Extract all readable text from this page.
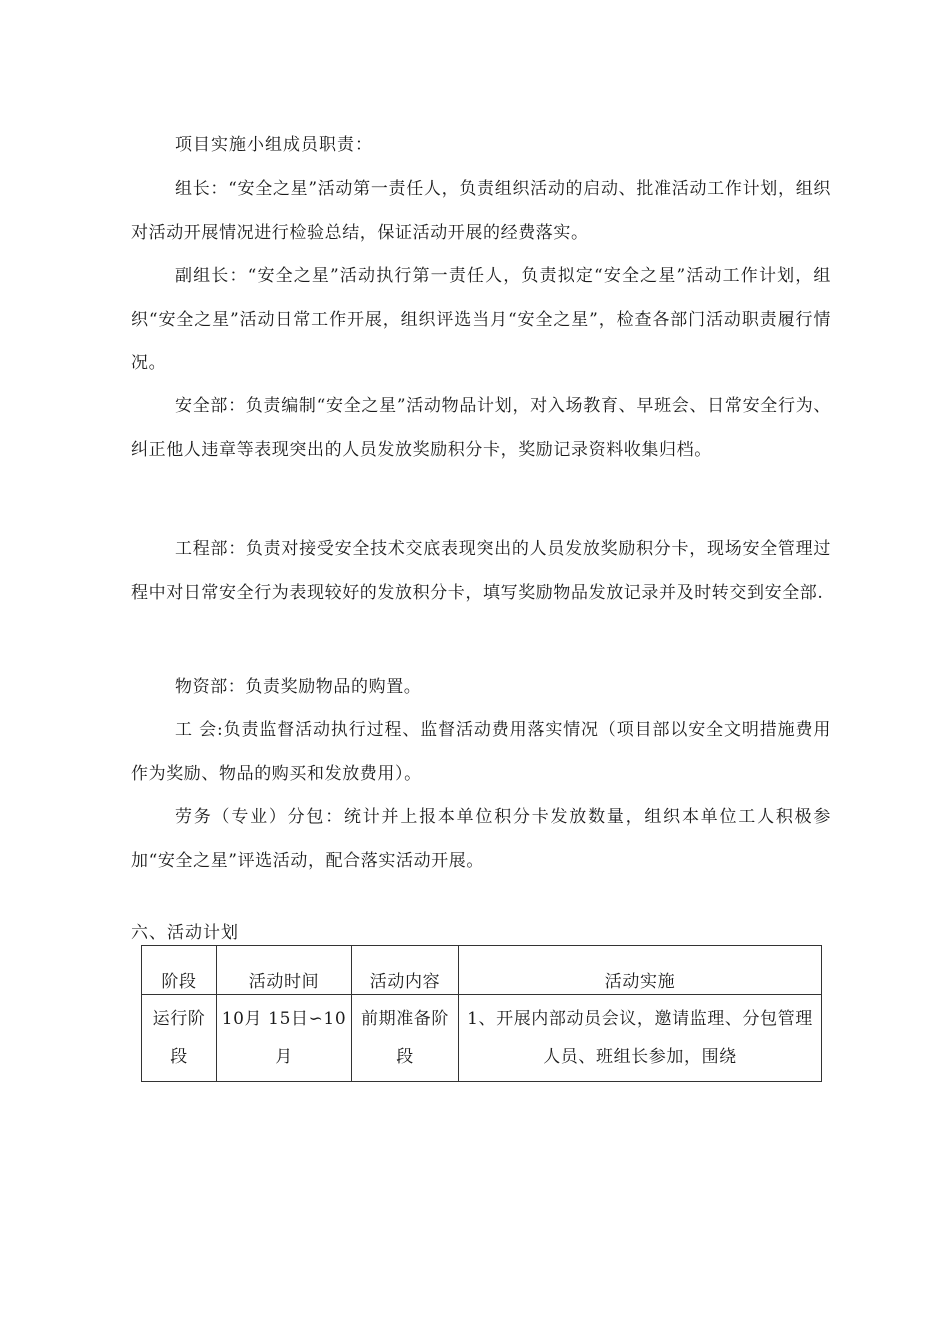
项目实施小组成员职责：

组长：“安全之星”活动第一责任人，负责组织活动的启动、批准活动工作计划，组织对活动开展情况进行检验总结，保证活动开展的经费落实。

副组长：“安全之星”活动执行第一责任人，负责拟定“安全之星”活动工作计划，组织“安全之星”活动日常工作开展，组织评选当月“安全之星”，检查各部门活动职责履行情况。

安全部：负责编制“安全之星”活动物品计划，对入场教育、早班会、日常安全行为、纠正他人违章等表现突出的人员发放奖励积分卡，奖励记录资料收集归档。

工程部：负责对接受安全技术交底表现突出的人员发放奖励积分卡，现场安全管理过程中对日常安全行为表现较好的发放积分卡，填写奖励物品发放记录并及时转交到安全部.

物资部：负责奖励物品的购置。

工 会:负责监督活动执行过程、监督活动费用落实情况（项目部以安全文明措施费用作为奖励、物品的购买和发放费用）。

劳务（专业）分包：统计并上报本单位积分卡发放数量，组织本单位工人积极参加“安全之星”评选活动，配合落实活动开展。

六、活动计划

阶段	活动时间	活动内容	活动实施
运行阶段	10月 15日∽10月	前期准备阶段	1、开展内部动员会议，邀请监理、分包管理人员、班组长参加，围绕
